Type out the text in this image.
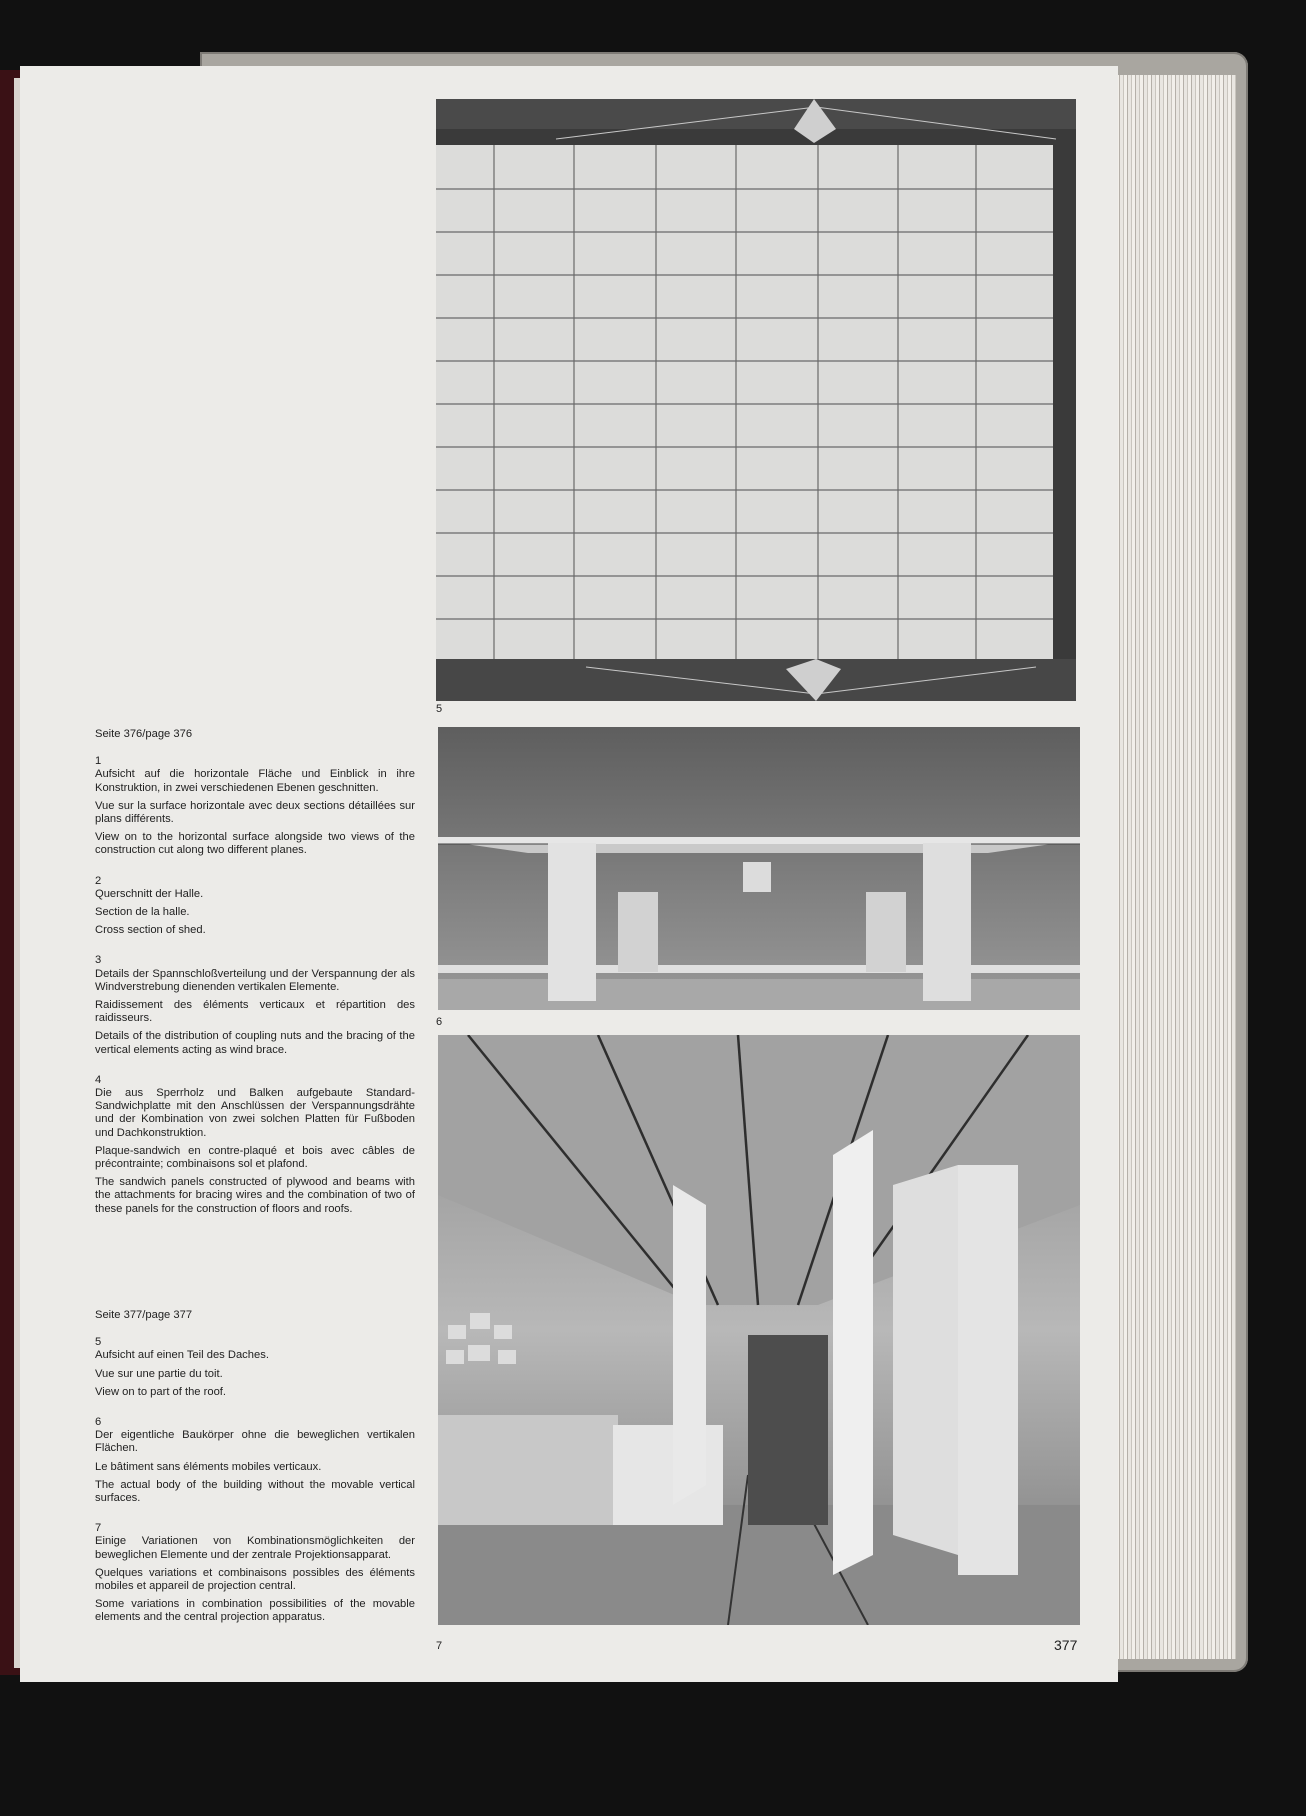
5
6
7	377
Seite 376/page 376
1

Aufsicht auf die horizontale Fläche und Einblick in ihre Konstruktion, in zwei verschiedenen Ebenen geschnitten.

Vue sur la surface horizontale avec deux sections détaillées sur plans différents.

View on to the horizontal surface alongside two views of the construction cut along two different planes.

2

Querschnitt der Halle.

Section de la halle.

Cross section of shed.

3

Details der Spannschloßverteilung und der Verspannung der als Windverstrebung dienenden vertikalen Elemente.

Raidissement des éléments verticaux et répartition des raidisseurs.

Details of the distribution of coupling nuts and the bracing of the vertical elements acting as wind brace.

4

Die aus Sperrholz und Balken aufgebaute Standard-Sandwichplatte mit den Anschlüssen der Verspannungsdrähte und der Kombination von zwei solchen Platten für Fußboden und Dachkonstruktion.

Plaque-sandwich en contre-plaqué et bois avec câbles de précontrainte; combinaisons sol et plafond.

The sandwich panels constructed of plywood and beams with the attachments for bracing wires and the combination of two of these panels for the construction of floors and roofs.

Seite 377/page 377
5

Aufsicht auf einen Teil des Daches.

Vue sur une partie du toit.

View on to part of the roof.

6

Der eigentliche Baukörper ohne die beweglichen vertikalen Flächen.

Le bâtiment sans éléments mobiles verticaux.

The actual body of the building without the movable vertical surfaces.

7

Einige Variationen von Kombinationsmöglichkeiten der beweglichen Elemente und der zentrale Projektionsapparat.

Quelques variations et combinaisons possibles des éléments mobiles et appareil de projection central.

Some variations in combination possibilities of the movable elements and the central projection apparatus.
